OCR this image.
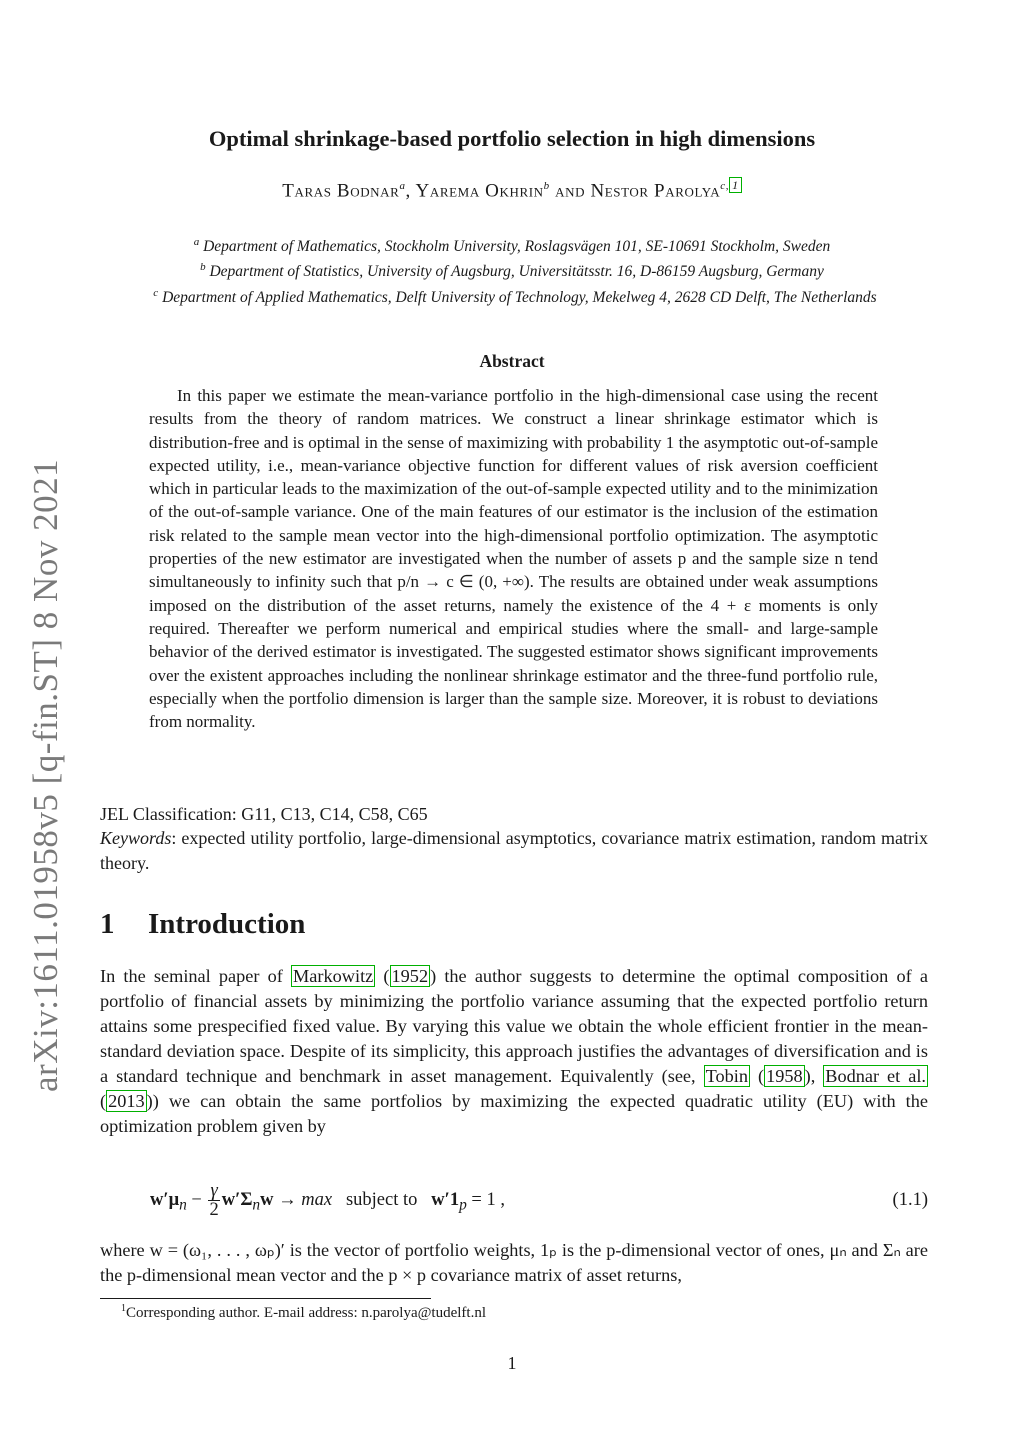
arXiv:1611.01958v5 [q-fin.ST] 8 Nov 2021
Optimal shrinkage-based portfolio selection in high dimensions
Taras Bodnar$^a$, Yarema Okhrin$^b$ and Nestor Parolya$^{c, 1}$
$^a$ Department of Mathematics, Stockholm University, Roslagsvägen 101, SE-10691 Stockholm, Sweden
$^b$ Department of Statistics, University of Augsburg, Universitätsstr. 16, D-86159 Augsburg, Germany
$^c$ Department of Applied Mathematics, Delft University of Technology, Mekelweg 4, 2628 CD Delft, The Netherlands
Abstract

In this paper we estimate the mean-variance portfolio in the high-dimensional case using the recent results from the theory of random matrices. We construct a linear shrinkage estimator which is distribution-free and is optimal in the sense of maximizing with probability 1 the asymptotic out-of-sample expected utility, i.e., mean-variance objective function for different values of risk aversion coefficient which in particular leads to the maximization of the out-of-sample expected utility and to the minimization of the out-of-sample variance. One of the main features of our estimator is the inclusion of the estimation risk related to the sample mean vector into the high-dimensional portfolio optimization. The asymptotic properties of the new estimator are investigated when the number of assets p and the sample size n tend simultaneously to infinity such that p/n → c ∈ (0, +∞). The results are obtained under weak assumptions imposed on the distribution of the asset returns, namely the existence of the 4 + ε moments is only required. Thereafter we perform numerical and empirical studies where the small- and large-sample behavior of the derived estimator is investigated. The suggested estimator shows significant improvements over the existent approaches including the nonlinear shrinkage estimator and the three-fund portfolio rule, especially when the portfolio dimension is larger than the sample size. Moreover, it is robust to deviations from normality.

JEL Classification: G11, C13, C14, C58, C65
Keywords: expected utility portfolio, large-dimensional asymptotics, covariance matrix estimation, random matrix theory.
1 Introduction
In the seminal paper of Markowitz ( 1952 ) the author suggests to determine the optimal composition of a portfolio of financial assets by minimizing the portfolio variance assuming that the expected portfolio return attains some prespecified fixed value. By varying this value we obtain the whole efficient frontier in the mean-standard deviation space. Despite of its simplicity, this approach justifies the advantages of diversification and is a standard technique and benchmark in asset management. Equivalently (see, Tobin ( 1958 ), Bodnar et al. ( 2013 )) we can obtain the same portfolios by maximizing the expected quadratic utility (EU) with the optimization problem given by
$w'\mu_n - \frac{\gamma}{2} w'\Sigma_nw \to \max$ subject to $w'1_p = 1$ ,	(1.1)
where w = (ω₁, . . . , ωₚ)′ is the vector of portfolio weights, 1ₚ is the p-dimensional vector of ones, μₙ and Σₙ are the p-dimensional mean vector and the p × p covariance matrix of asset returns,
$^1$Corresponding author. E-mail address: n.parolya@tudelft.nl
1
